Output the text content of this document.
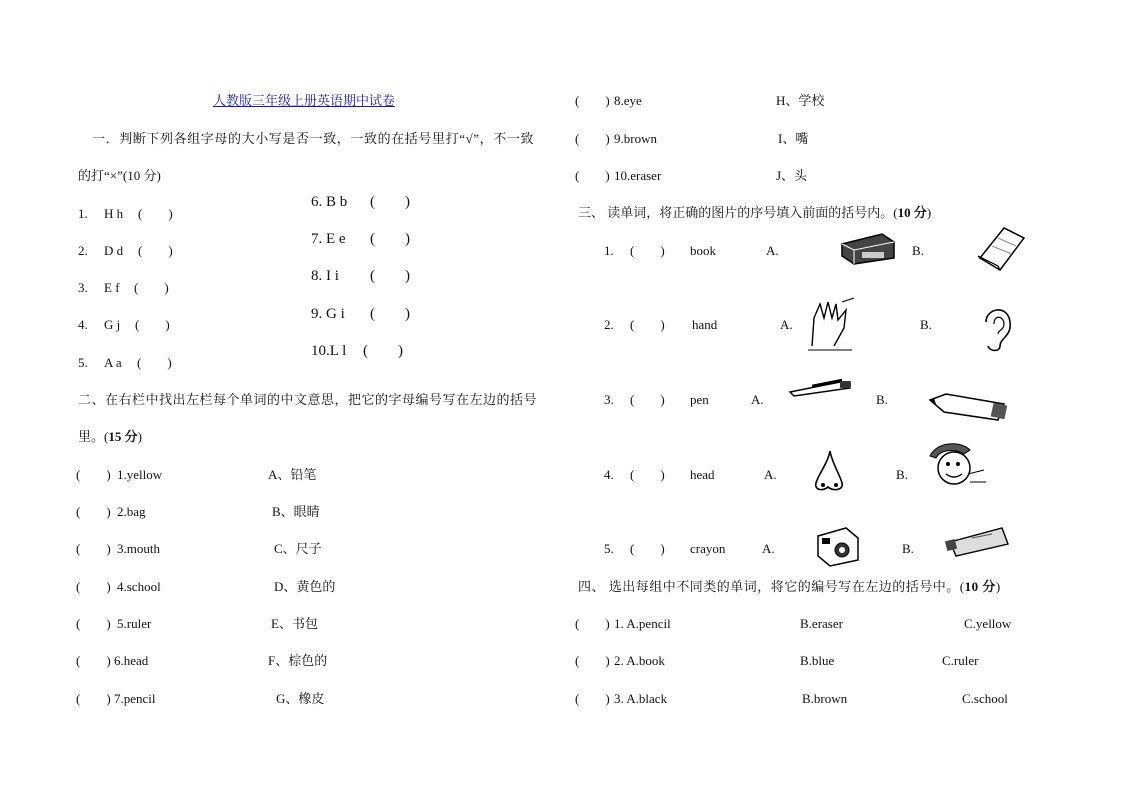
人教版三年级上册英语期中试卷
一．判断下列各组字母的大小写是否一致，一致的在括号里打“√”，不一致
的打“×”(10 分)
1. H h (　　)
2. D d (　　)
3. E f (　　)
4. G j (　　)
5. A a (　　)
6. B b (　　)
7. E e (　　)
8. I i (　　)
9. G i (　　)
10.L l (　　)
二、在右栏中找出左栏每个单词的中文意思，把它的字母编号写在左边的括号
里。(15 分)
(　　) 1.yellow	A、铅笔
(　　) 2.bag	B、眼睛
(　　) 3.mouth	C、尺子
(　　) 4.school	D、黄色的
(　　) 5.ruler	E、书包
(　　) 6.head	F、棕色的
(　　) 7.pencil	G、橡皮
(　　) 8.eye	H、学校
(　　) 9.brown	I、嘴
(　　) 10.eraser	J、头
三、 读单词，将正确的图片的序号填入前面的括号内。(10 分)
1. (　　) book	A.	B.
2. (　　) hand	A.	B.
3. (　　) pen	A.	B.
4. (　　) head	A.	B.
5. (　　) crayon	A.	B.
四、 选出每组中不同类的单词，将它的编号写在左边的括号中。(10 分)
(　　) 1. A.pencil	B.eraser	C.yellow
(　　) 2. A.book	B.blue	C.ruler
(　　) 3. A.black	B.brown	C.school
